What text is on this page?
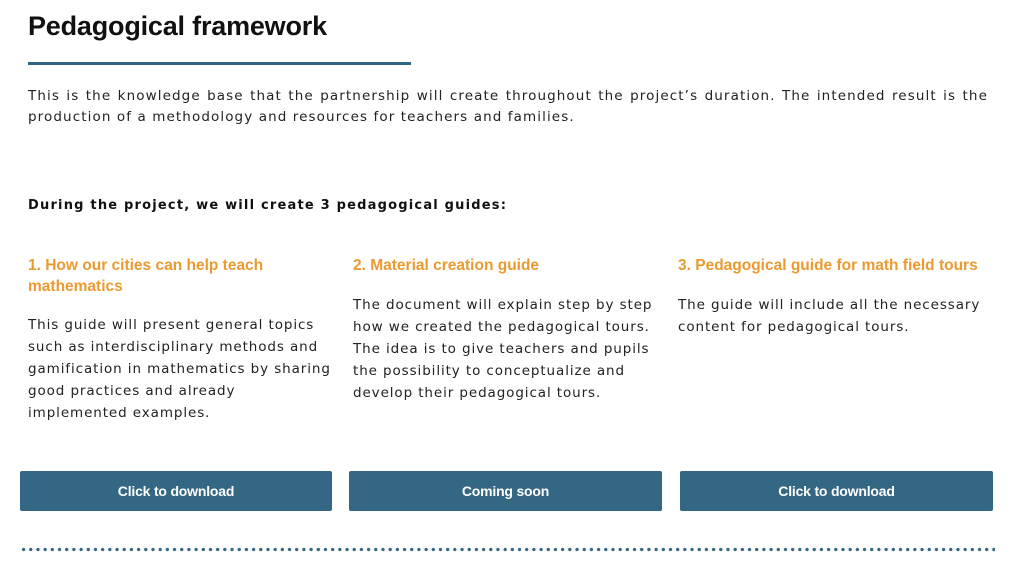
Pedagogical framework

This is the knowledge base that the partnership will create throughout the project’s duration. The intended result is the production of a methodology and resources for teachers and families.

During the project, we will create 3 pedagogical guides:

1. How our cities can help teach mathematics

This guide will present general topics such as interdisciplinary methods and gamification in mathematics by sharing good practices and already implemented examples.

2. Material creation guide

The document will explain step by step how we created the pedagogical tours. The idea is to give teachers and pupils the possibility to conceptualize and develop their pedagogical tours.

3. Pedagogical guide for math field tours

The guide will include all the necessary content for pedagogical tours.

Click to download	Coming soon	Click to download
